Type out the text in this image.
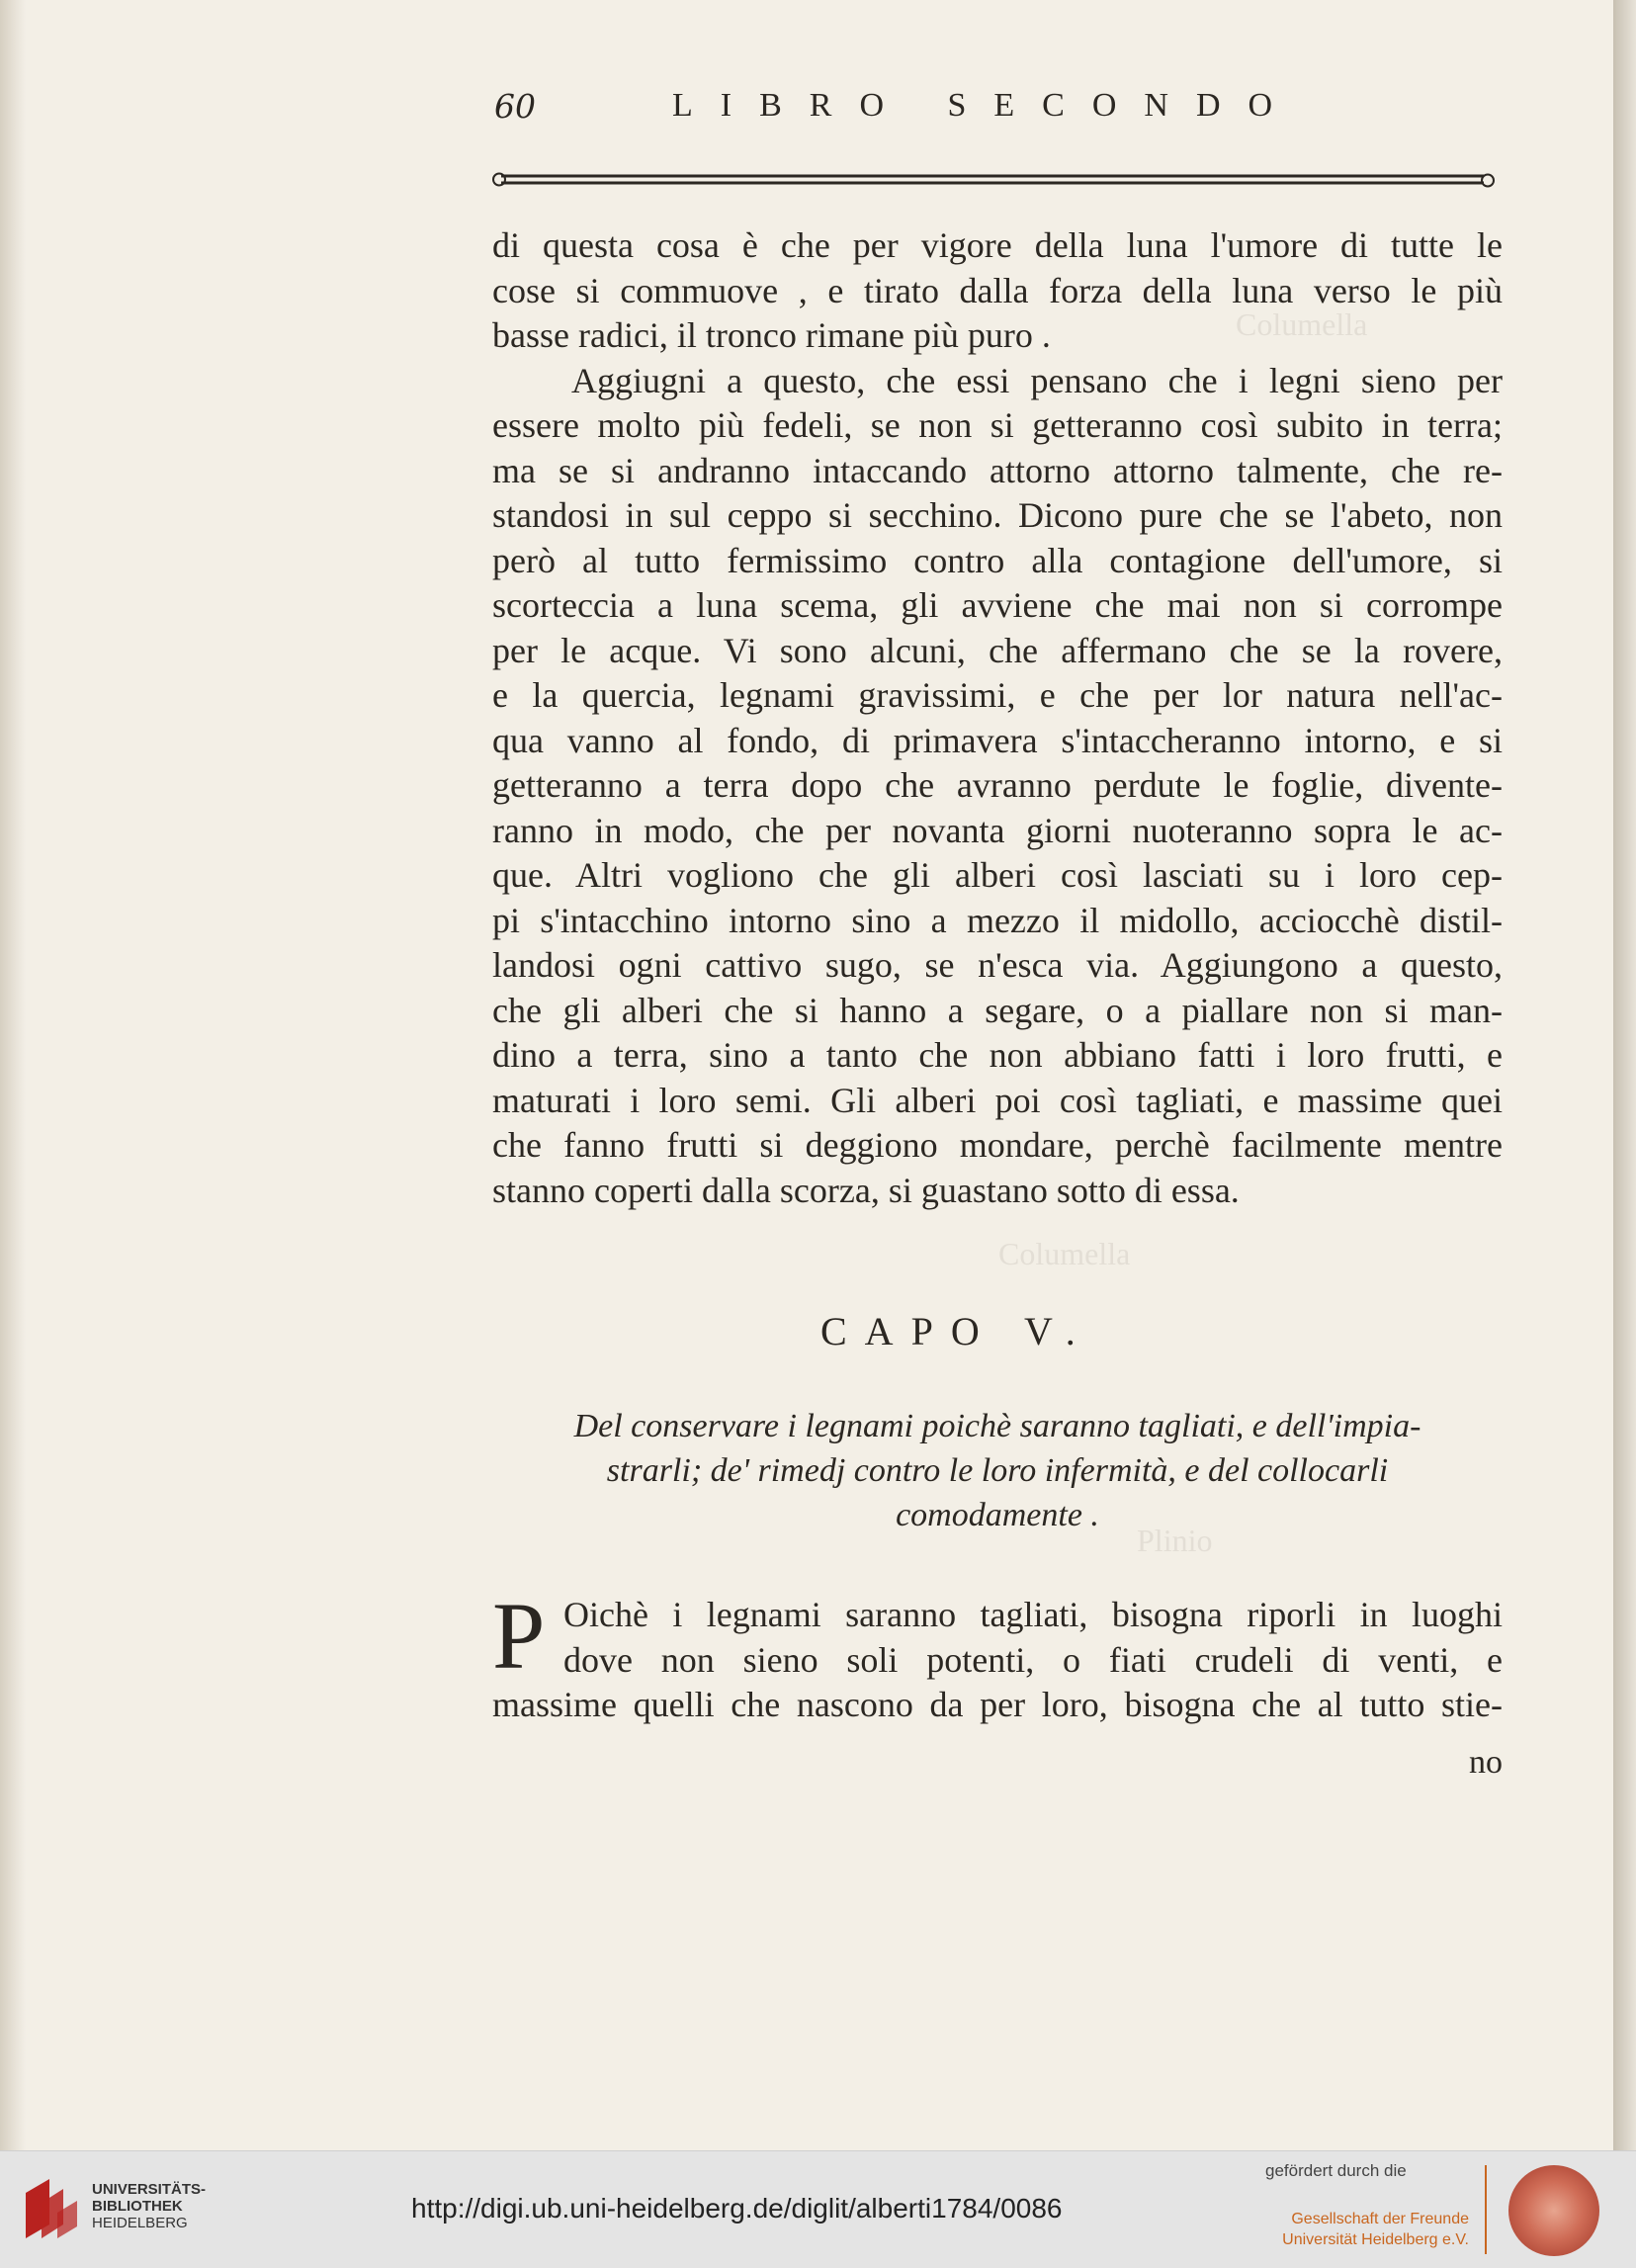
Columella
Columella
Plinio
60	LIBRO SECONDO
di questa cosa è che per vigore della luna l'umore di tutte le
cose si commuove , e tirato dalla forza della luna verso le più
basse radici, il tronco rimane più puro .
Aggiugni a questo, che essi pensano che i legni sieno per
essere molto più fedeli, se non si getteranno così subito in terra;
ma se si andranno intaccando attorno attorno talmente, che re-
standosi in sul ceppo si secchino. Dicono pure che se l'abeto, non
però al tutto fermissimo contro alla contagione dell'umore, si
scorteccia a luna scema, gli avviene che mai non si corrompe
per le acque. Vi sono alcuni, che affermano che se la rovere,
e la quercia, legnami gravissimi, e che per lor natura nell'ac-
qua vanno al fondo, di primavera s'intaccheranno intorno, e si
getteranno a terra dopo che avranno perdute le foglie, divente-
ranno in modo, che per novanta giorni nuoteranno sopra le ac-
que. Altri vogliono che gli alberi così lasciati su i loro cep-
pi s'intacchino intorno sino a mezzo il midollo, acciocchè distil-
landosi ogni cattivo sugo, se n'esca via. Aggiungono a questo,
che gli alberi che si hanno a segare, o a piallare non si man-
dino a terra, sino a tanto che non abbiano fatti i loro frutti, e
maturati i loro semi. Gli alberi poi così tagliati, e massime quei
che fanno frutti si deggiono mondare, perchè facilmente mentre
stanno coperti dalla scorza, si guastano sotto di essa.
CAPO V.
Del conservare i legnami poichè saranno tagliati, e dell'impia-
strarli; de' rimedj contro le loro infermità, e del collocarli
comodamente .
P Oichè i legnami saranno tagliati, bisogna riporli in luoghi
dove non sieno soli potenti, o fiati crudeli di venti, e
massime quelli che nascono da per loro, bisogna che al tutto stie-
no
UNIVERSITÄTS-
BIBLIOTHEK
HEIDELBERG	http://digi.ub.uni-heidelberg.de/diglit/alberti1784/0086
gefördert durch die
Gesellschaft der Freunde
Universität Heidelberg e.V.
